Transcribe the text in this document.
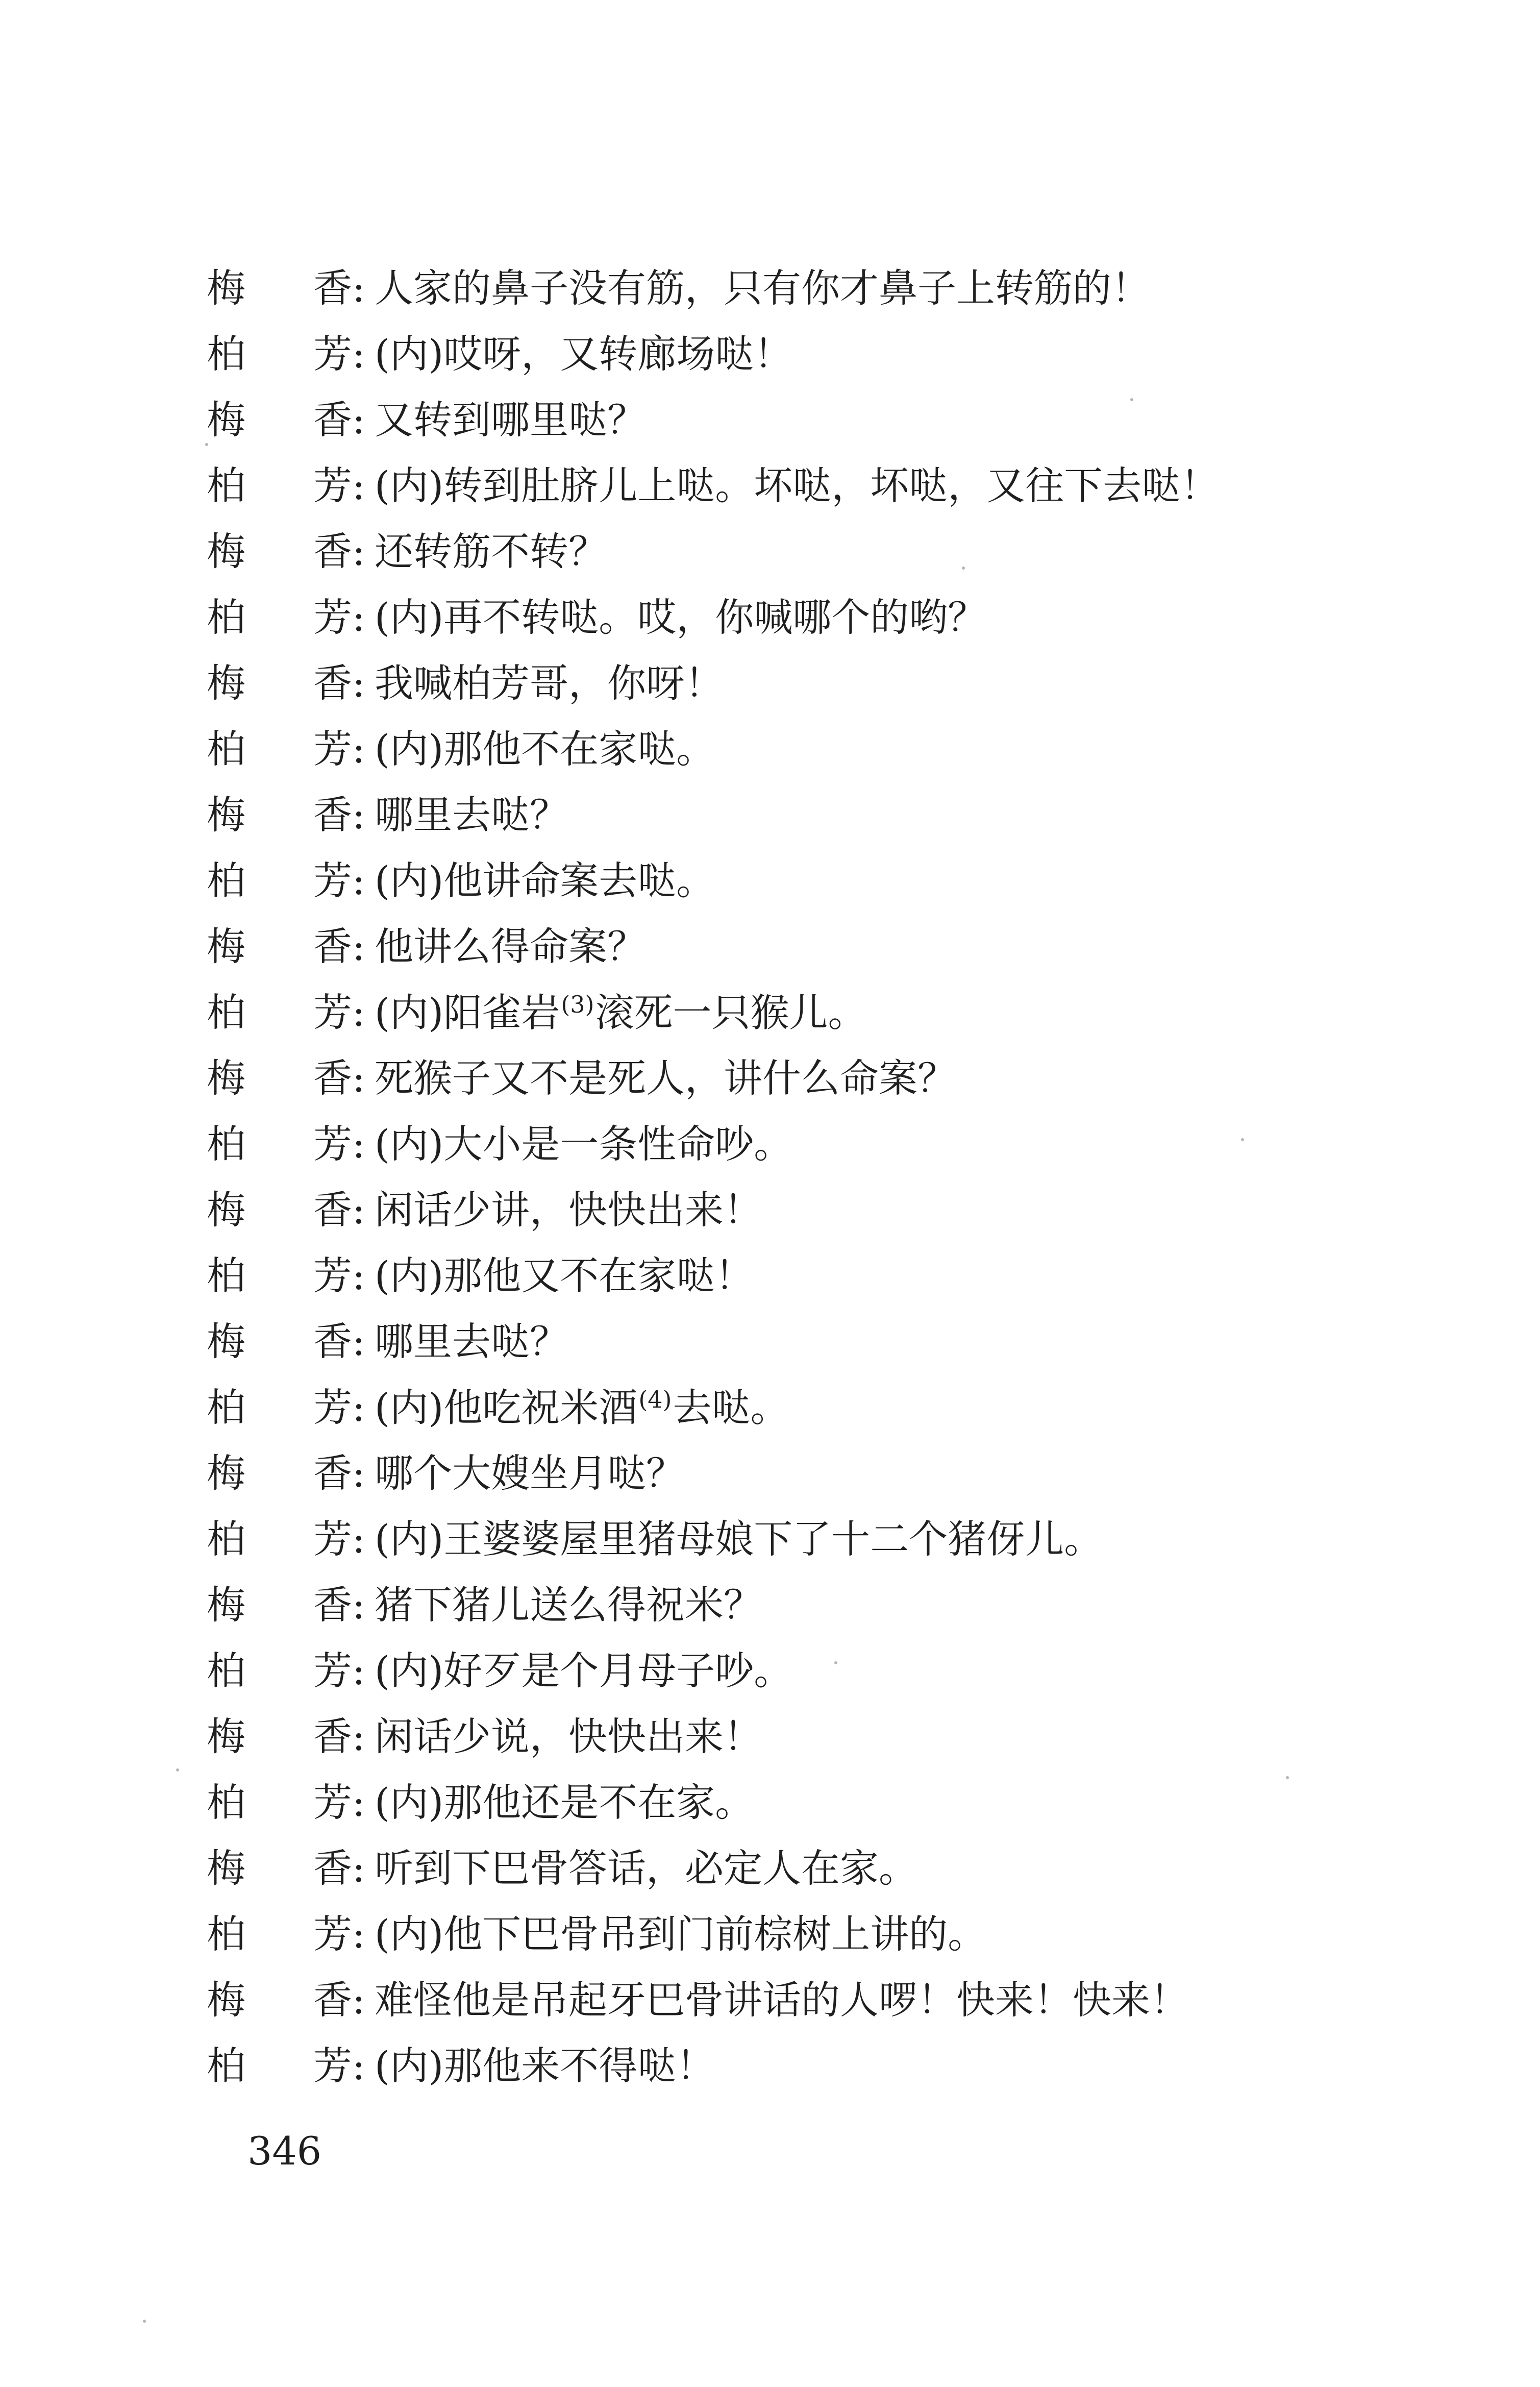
梅 香 : 人家的鼻子没有筋，只有你才鼻子上转筋的！
柏 芳 : (内)哎呀，又转廊场哒！
梅 香 : 又转到哪里哒？
柏 芳 : (内)转到肚脐儿上哒。坏哒，坏哒，又往下去哒！
梅 香 : 还转筋不转？
柏 芳 : (内)再不转哒。哎，你喊哪个的哟？
梅 香 : 我喊柏芳哥，你呀！
柏 芳 : (内)那他不在家哒。
梅 香 : 哪里去哒？
柏 芳 : (内)他讲命案去哒。
梅 香 : 他讲么得命案？
柏 芳 : (内)阳雀岩$^{(3)}$滚死一只猴儿。
梅 香 : 死猴子又不是死人，讲什么命案？
柏 芳 : (内)大小是一条性命吵。
梅 香 : 闲话少讲，快快出来！
柏 芳 : (内)那他又不在家哒！
梅 香 : 哪里去哒？
柏 芳 : (内)他吃祝米酒$^{(4)}$去哒。
梅 香 : 哪个大嫂坐月哒？
柏 芳 : (内)王婆婆屋里猪母娘下了十二个猪伢儿。
梅 香 : 猪下猪儿送么得祝米？
柏 芳 : (内)好歹是个月母子吵。
梅 香 : 闲话少说，快快出来！
柏 芳 : (内)那他还是不在家。
梅 香 : 听到下巴骨答话，必定人在家。
柏 芳 : (内)他下巴骨吊到门前棕树上讲的。
梅 香 : 难怪他是吊起牙巴骨讲话的人啰！快来！快来！
柏 芳 : (内)那他来不得哒！
346
